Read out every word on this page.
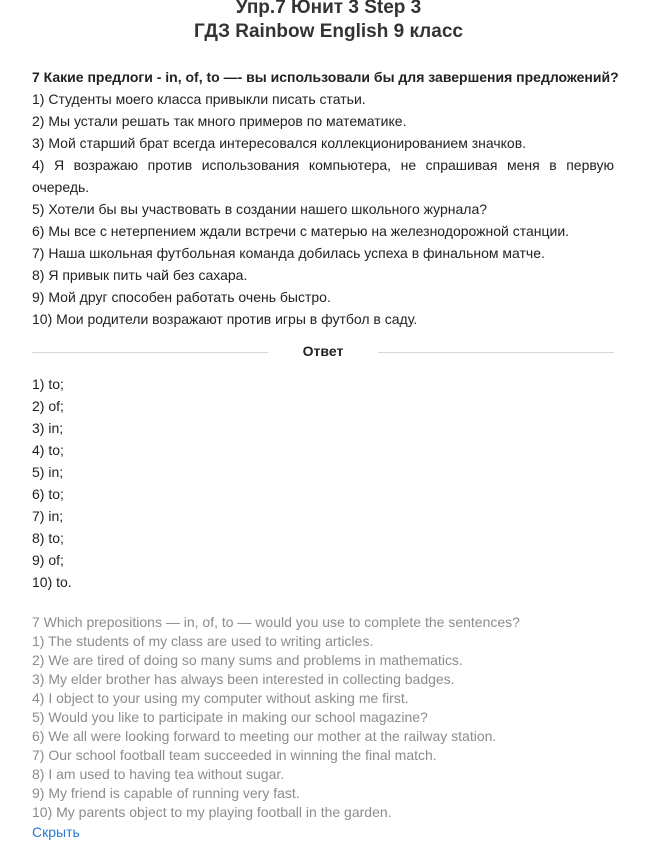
Упр.7 Юнит 3 Step 3
ГДЗ Rainbow English 9 класс
7 Какие предлоги - in, of, to —- вы использовали бы для завершения предложений?
1) Студенты моего класса привыкли писать статьи.
2) Мы устали решать так много примеров по математике.
3) Мой старший брат всегда интересовался коллекционированием значков.
4) Я возражаю против использования компьютера, не спрашивая меня в первую очередь.
5) Хотели бы вы участвовать в создании нашего школьного журнала?
6) Мы все с нетерпением ждали встречи с матерью на железнодорожной станции.
7) Наша школьная футбольная команда добилась успеха в финальном матче.
8) Я привык пить чай без сахара.
9) Мой друг способен работать очень быстро.
10) Мои родители возражают против игры в футбол в саду.
Ответ
1) to;
2) of;
3) in;
4) to;
5) in;
6) to;
7) in;
8) to;
9) of;
10) to.
7 Which prepositions — in, of, to — would you use to complete the sentences?
1) The students of my class are used to writing articles.
2) We are tired of doing so many sums and problems in mathematics.
3) My elder brother has always been interested in collecting badges.
4) I object to your using my computer without asking me first.
5) Would you like to participate in making our school magazine?
6) We all were looking forward to meeting our mother at the railway station.
7) Our school football team succeeded in winning the final match.
8) I am used to having tea without sugar.
9) My friend is capable of running very fast.
10) My parents object to my playing football in the garden.
Скрыть
